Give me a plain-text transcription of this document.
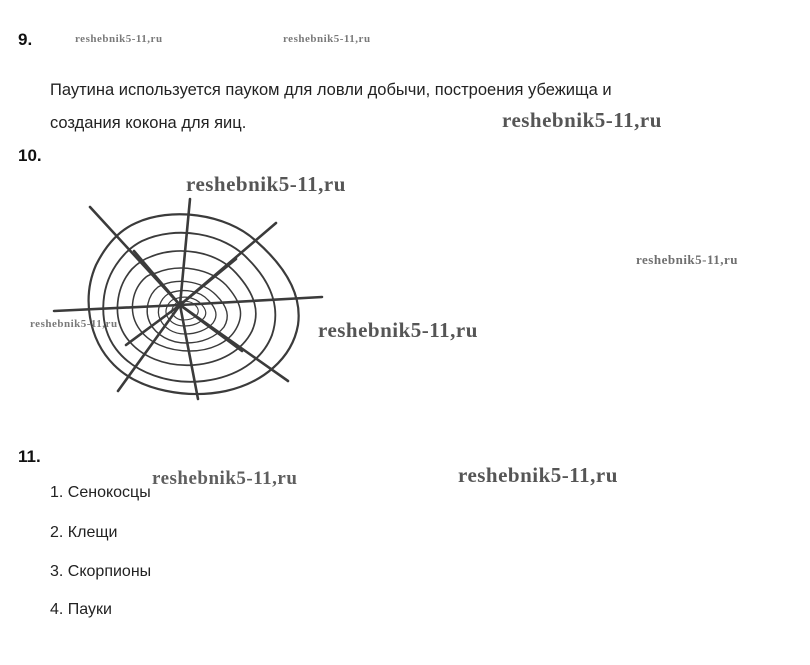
9.
Паутина используется пауком для ловли добычи, построения убежища и
создания кокона для яиц.
10.
11.
1. Сенокосцы
2. Клещи
3. Скорпионы
4. Пауки
reshebnik5-11,ru	reshebnik5-11,ru
reshebnik5-11,ru
reshebnik5-11,ru
reshebnik5-11,ru
reshebnik5-11,ru	reshebnik5-11,ru
reshebnik5-11,ru	reshebnik5-11,ru
